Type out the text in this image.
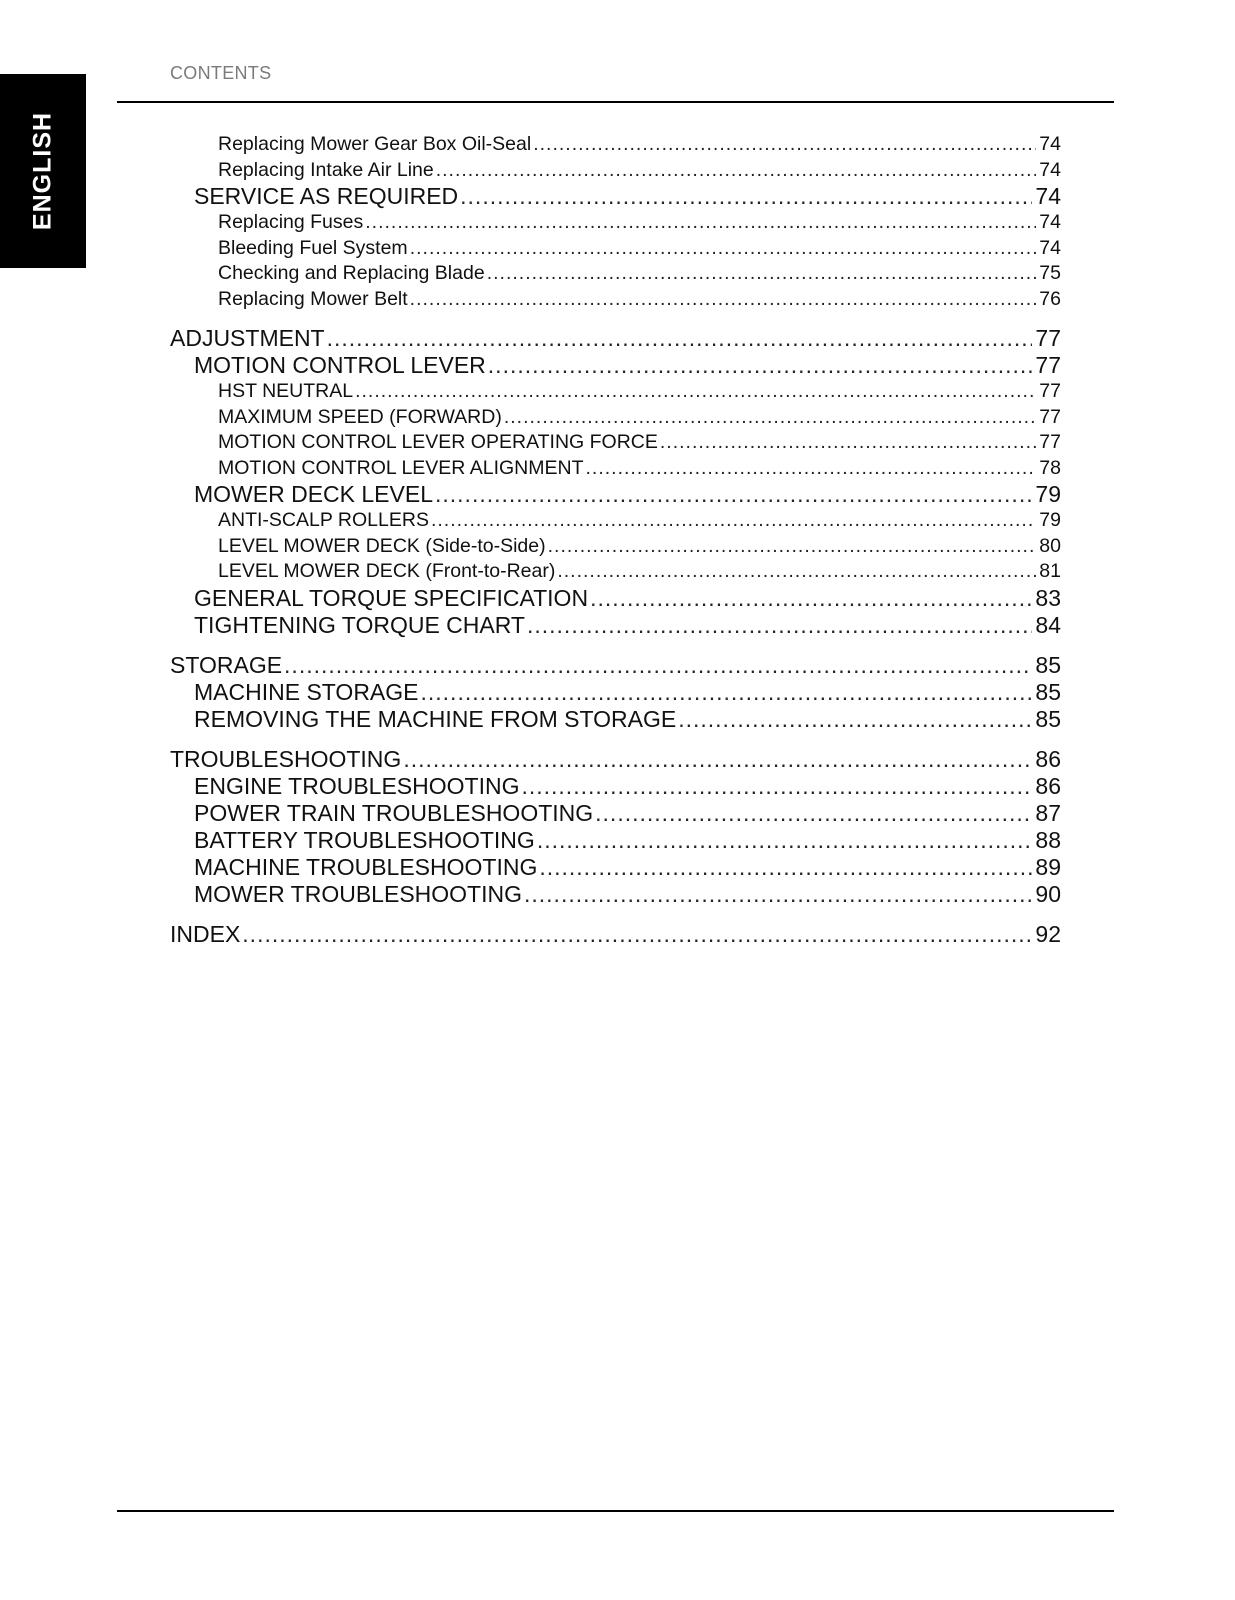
ENGLISH
CONTENTS
Replacing Mower Gear Box Oil-Seal .....	74
Replacing Intake Air Line .....	74
SERVICE AS REQUIRED .....	74
Replacing Fuses .....	74
Bleeding Fuel System .....	74
Checking and Replacing Blade .....	75
Replacing Mower Belt .....	76
ADJUSTMENT .....	77
MOTION CONTROL LEVER .....	77
HST NEUTRAL .....	77
MAXIMUM SPEED (FORWARD) .....	77
MOTION CONTROL LEVER OPERATING FORCE .....	77
MOTION CONTROL LEVER ALIGNMENT .....	78
MOWER DECK LEVEL .....	79
ANTI-SCALP ROLLERS .....	79
LEVEL MOWER DECK (Side-to-Side) .....	80
LEVEL MOWER DECK (Front-to-Rear) .....	81
GENERAL TORQUE SPECIFICATION .....	83
TIGHTENING TORQUE CHART .....	84
STORAGE .....	85
MACHINE STORAGE .....	85
REMOVING THE MACHINE FROM STORAGE .....	85
TROUBLESHOOTING .....	86
ENGINE TROUBLESHOOTING .....	86
POWER TRAIN TROUBLESHOOTING .....	87
BATTERY TROUBLESHOOTING .....	88
MACHINE TROUBLESHOOTING .....	89
MOWER TROUBLESHOOTING .....	90
INDEX .....	92
